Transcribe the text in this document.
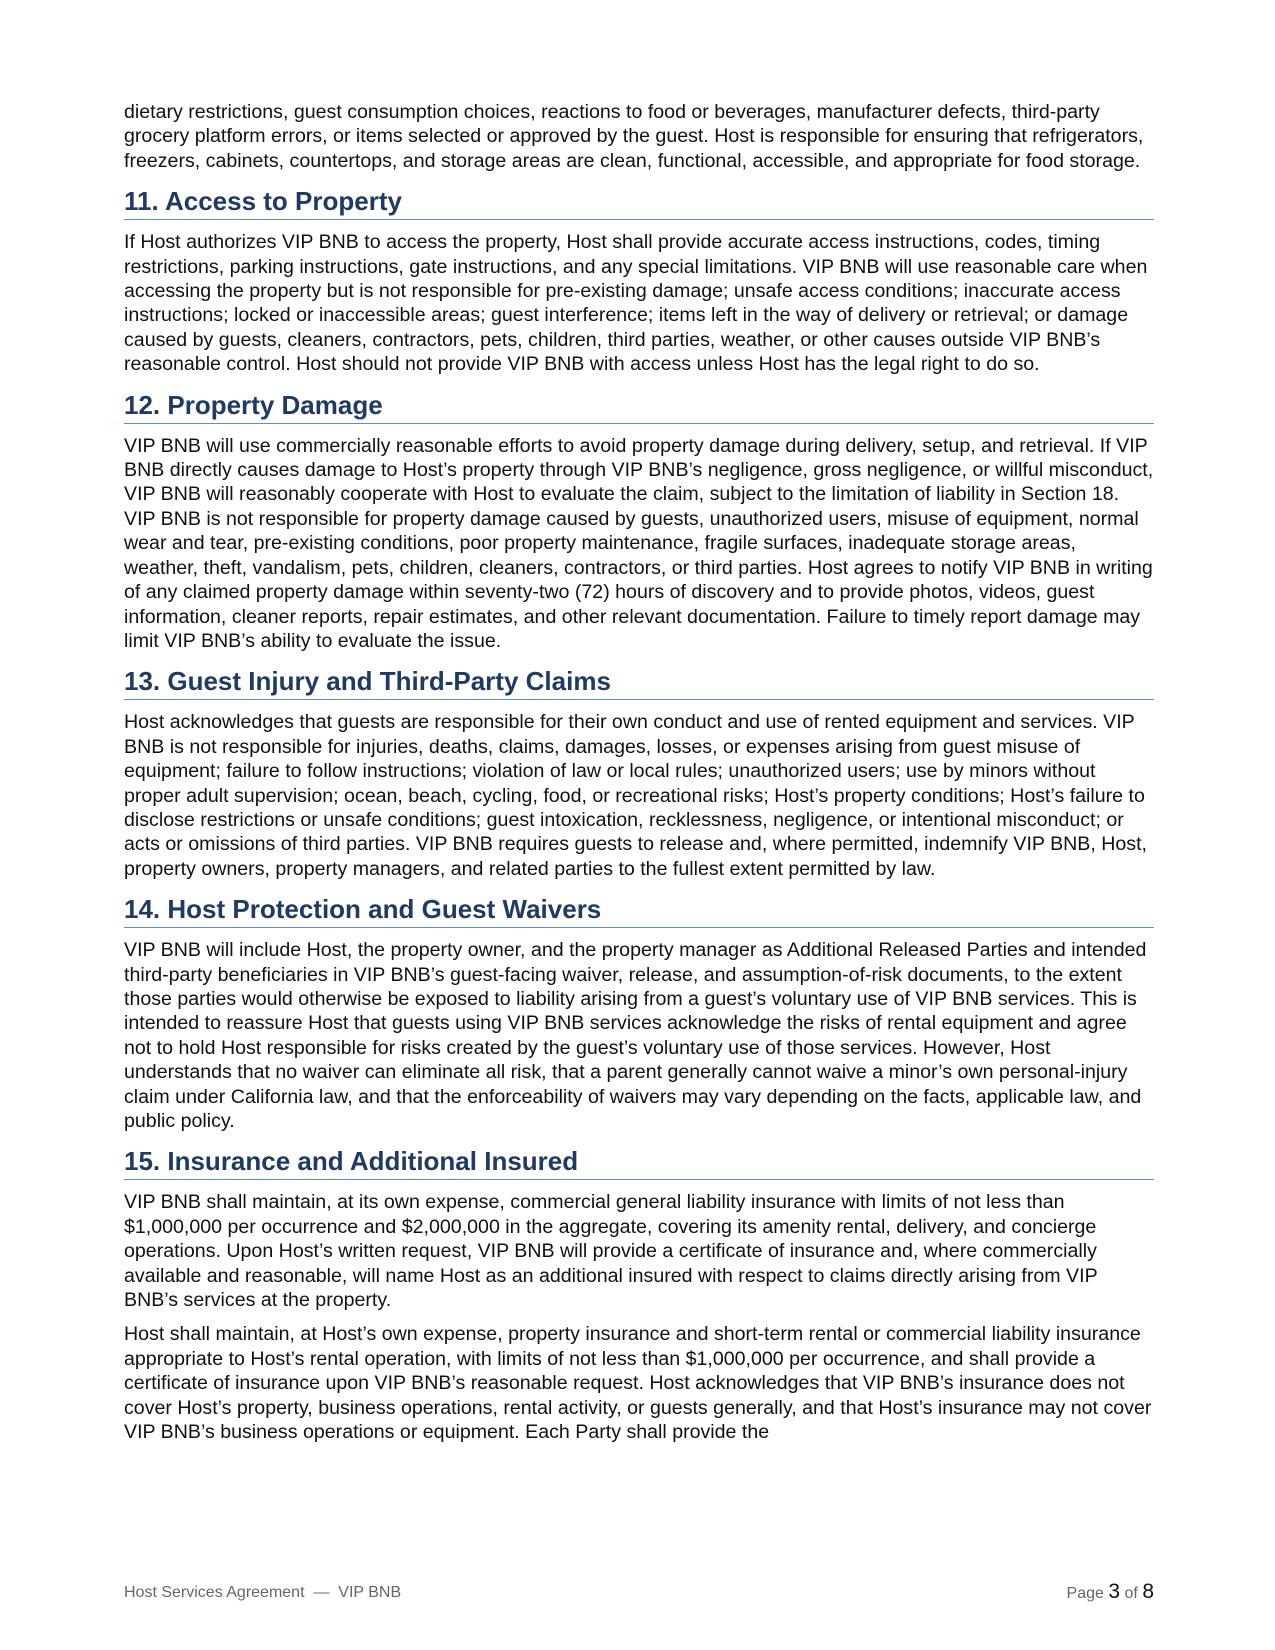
dietary restrictions, guest consumption choices, reactions to food or beverages, manufacturer defects, third-party grocery platform errors, or items selected or approved by the guest. Host is responsible for ensuring that refrigerators, freezers, cabinets, countertops, and storage areas are clean, functional, accessible, and appropriate for food storage.

11. Access to Property

If Host authorizes VIP BNB to access the property, Host shall provide accurate access instructions, codes, timing restrictions, parking instructions, gate instructions, and any special limitations. VIP BNB will use reasonable care when accessing the property but is not responsible for pre-existing damage; unsafe access conditions; inaccurate access instructions; locked or inaccessible areas; guest interference; items left in the way of delivery or retrieval; or damage caused by guests, cleaners, contractors, pets, children, third parties, weather, or other causes outside VIP BNB’s reasonable control. Host should not provide VIP BNB with access unless Host has the legal right to do so.

12. Property Damage

VIP BNB will use commercially reasonable efforts to avoid property damage during delivery, setup, and retrieval. If VIP BNB directly causes damage to Host’s property through VIP BNB’s negligence, gross negligence, or willful misconduct, VIP BNB will reasonably cooperate with Host to evaluate the claim, subject to the limitation of liability in Section 18. VIP BNB is not responsible for property damage caused by guests, unauthorized users, misuse of equipment, normal wear and tear, pre-existing conditions, poor property maintenance, fragile surfaces, inadequate storage areas, weather, theft, vandalism, pets, children, cleaners, contractors, or third parties. Host agrees to notify VIP BNB in writing of any claimed property damage within seventy-two (72) hours of discovery and to provide photos, videos, guest information, cleaner reports, repair estimates, and other relevant documentation. Failure to timely report damage may limit VIP BNB’s ability to evaluate the issue.

13. Guest Injury and Third-Party Claims

Host acknowledges that guests are responsible for their own conduct and use of rented equipment and services. VIP BNB is not responsible for injuries, deaths, claims, damages, losses, or expenses arising from guest misuse of equipment; failure to follow instructions; violation of law or local rules; unauthorized users; use by minors without proper adult supervision; ocean, beach, cycling, food, or recreational risks; Host’s property conditions; Host’s failure to disclose restrictions or unsafe conditions; guest intoxication, recklessness, negligence, or intentional misconduct; or acts or omissions of third parties. VIP BNB requires guests to release and, where permitted, indemnify VIP BNB, Host, property owners, property managers, and related parties to the fullest extent permitted by law.

14. Host Protection and Guest Waivers

VIP BNB will include Host, the property owner, and the property manager as Additional Released Parties and intended third-party beneficiaries in VIP BNB’s guest-facing waiver, release, and assumption-of-risk documents, to the extent those parties would otherwise be exposed to liability arising from a guest’s voluntary use of VIP BNB services. This is intended to reassure Host that guests using VIP BNB services acknowledge the risks of rental equipment and agree not to hold Host responsible for risks created by the guest’s voluntary use of those services. However, Host understands that no waiver can eliminate all risk, that a parent generally cannot waive a minor’s own personal-injury claim under California law, and that the enforceability of waivers may vary depending on the facts, applicable law, and public policy.

15. Insurance and Additional Insured

VIP BNB shall maintain, at its own expense, commercial general liability insurance with limits of not less than $1,000,000 per occurrence and $2,000,000 in the aggregate, covering its amenity rental, delivery, and concierge operations. Upon Host’s written request, VIP BNB will provide a certificate of insurance and, where commercially available and reasonable, will name Host as an additional insured with respect to claims directly arising from VIP BNB’s services at the property.

Host shall maintain, at Host’s own expense, property insurance and short-term rental or commercial liability insurance appropriate to Host’s rental operation, with limits of not less than $1,000,000 per occurrence, and shall provide a certificate of insurance upon VIP BNB’s reasonable request. Host acknowledges that VIP BNB’s insurance does not cover Host’s property, business operations, rental activity, or guests generally, and that Host’s insurance may not cover VIP BNB’s business operations or equipment. Each Party shall provide the

Host Services Agreement  —  VIP BNB	Page 3 of 8
